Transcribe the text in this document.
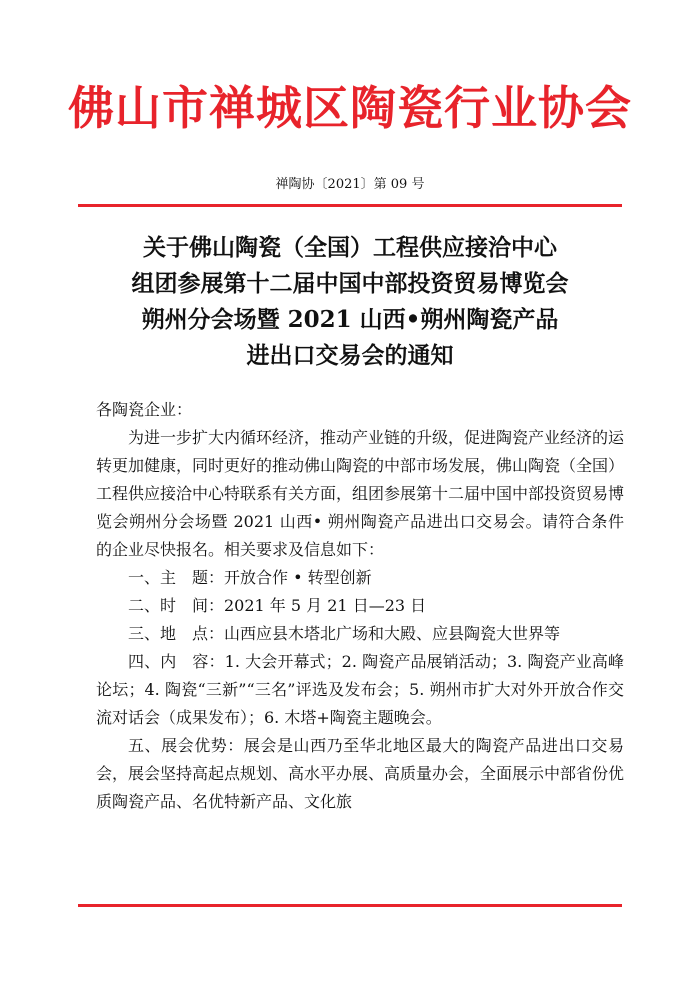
佛山市禅城区陶瓷行业协会
禅陶协〔2021〕第 09 号
关于佛山陶瓷（全国）工程供应接洽中心
组团参展第十二届中国中部投资贸易博览会
朔州分会场暨 2021 山西•朔州陶瓷产品
进出口交易会的通知

各陶瓷企业：

为进一步扩大内循环经济，推动产业链的升级，促进陶瓷产业经济的运转更加健康，同时更好的推动佛山陶瓷的中部市场发展，佛山陶瓷（全国）工程供应接洽中心特联系有关方面，组团参展第十二届中国中部投资贸易博览会朔州分会场暨 2021 山西• 朔州陶瓷产品进出口交易会。请符合条件的企业尽快报名。相关要求及信息如下：

一、主　题：开放合作 • 转型创新

二、时　间：2021 年 5 月 21 日—23 日

三、地　点：山西应县木塔北广场和大殿、应县陶瓷大世界等

四、内　容：1. 大会开幕式；2. 陶瓷产品展销活动；3. 陶瓷产业高峰论坛；4. 陶瓷“三新”“三名”评选及发布会；5. 朔州市扩大对外开放合作交流对话会（成果发布）；6. 木塔+陶瓷主题晚会。

五、展会优势：展会是山西乃至华北地区最大的陶瓷产品进出口交易会，展会坚持高起点规划、高水平办展、高质量办会，全面展示中部省份优质陶瓷产品、名优特新产品、文化旅
